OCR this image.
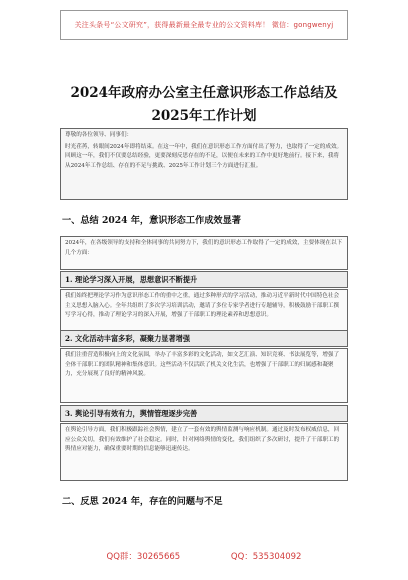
关注头条号“公文研究”，获得最新最全最专业的公文资料库！ 微信：gongwenyj
2024年政府办公室主任意识形态工作总结及
2025年工作计划

尊敬的各位领导、同事们：

时光荏苒，转眼间2024年即将结束。在这一年中，我们在意识形态工作方面付出了努力，也取得了一定的成效。回顾这一年，我们不仅要总结经验，更要深刻反思存在的不足，以便在未来的工作中更好地前行。接下来，我将从2024年工作总结、存在的不足与挑战、2025年工作计划三个方面进行汇报。

一、总结 2024 年，意识形态工作成效显著

2024年，在各级领导的支持和全体同事的共同努力下，我们的意识形态工作取得了一定的成效，主要体现在以下几个方面：

1. 理论学习深入开展，思想意识不断提升

我们始终把理论学习作为意识形态工作的重中之重，通过多种形式的学习活动，推动习近平新时代中国特色社会主义思想入脑入心。全年共组织了多次学习培训活动，邀请了多位专家学者进行专题辅导，积极鼓励干部职工撰写学习心得，推动了理论学习的深入开展，增强了干部职工的理论素养和思想意识。

2. 文化活动丰富多彩，凝聚力显著增强

我们注重营造积极向上的文化氛围，举办了丰富多彩的文化活动，如文艺汇演、知识竞赛、书法展览等，增强了全体干部职工的团队精神和集体意识。这些活动不仅活跃了机关文化生活，也增强了干部职工的归属感和凝聚力，充分展现了良好的精神风貌。

3. 舆论引导有效有力，舆情管理逐步完善

在舆论引导方面，我们积极跟踪社会舆情，建立了一套有效的舆情监测与响应机制。通过及时发布权威信息，回应公众关切，我们有效维护了社会稳定。同时，针对网络舆情的变化，我们组织了多次研讨，提升了干部职工的舆情应对能力，确保重要时期的信息能够迅速传达。

二、反思 2024 年，存在的问题与不足
QQ群：30265665	QQ：535304092
